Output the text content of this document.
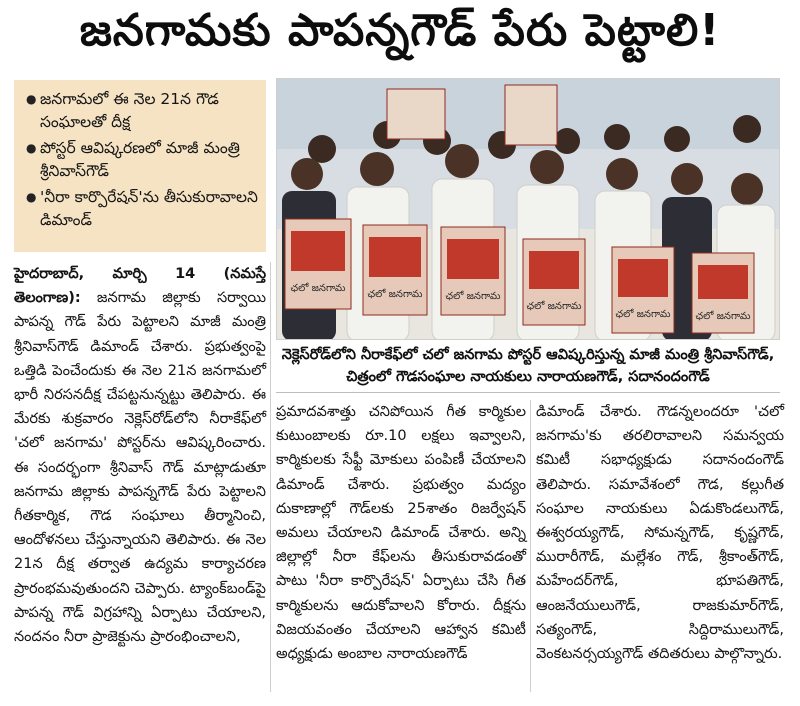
జనగామకు పాపన్నగౌడ్ పేరు పెట్టాలి!
● జనగామలో ఈ నెల 21న గౌడ సంఘాలతో దీక్ష
● పోస్టర్ ఆవిష్కరణలో మాజీ మంత్రి శ్రీనివాస్‌గౌడ్
● 'నీరా కార్పొరేషన్'ను తీసుకురావాలని డిమాండ్
ఛలో జనగామ
ఛలో జనగామ ఛలో జనగామ
ఛలో జనగామ
ఛలో జనగామ	ఛలో జనగామ
నెక్లెస్‌రోడ్‌లోని నీరాకేఫ్‌లో చలో జనగామ పోస్టర్ ఆవిష్కరిస్తున్న మాజీ మంత్రి శ్రీనివాస్‌గౌడ్, చిత్రంలో గౌడసంఘాల నాయకులు నారాయణగౌడ్, సదానందంగౌడ్
హైదరాబాద్, మార్చి 14 (నమస్తే తెలంగాణ): జనగామ జిల్లాకు సర్వాయి పాపన్న గౌడ్ పేరు పెట్టాలని మాజీ మంత్రి శ్రీనివాస్‌గౌడ్ డిమాండ్ చేశారు. ప్రభుత్వంపై ఒత్తిడి పెంచేందుకు ఈ నెల 21న జనగామలో భారీ నిరసనదీక్ష చేపట్టనున్నట్టు తెలిపారు. ఈ మేరకు శుక్రవారం నెక్లెస్‌రోడ్‌లోని నీరాకేఫ్‌లో 'చలో జనగామ' పోస్టర్‌ను ఆవిష్కరించారు. ఈ సందర్భంగా శ్రీనివాస్ గౌడ్ మాట్లాడుతూ జనగామ జిల్లాకు పాపన్నగౌడ్ పేరు పెట్టాలని గీతకార్మిక, గౌడ సంఘాలు తీర్మానించి, ఆందోళనలు చేస్తున్నాయని తెలిపారు. ఈ నెల 21న దీక్ష తర్వాత ఉద్యమ కార్యాచరణ ప్రారంభమవుతుందని చెప్పారు. ట్యాంక్‌బండ్‌పై పాపన్న గౌడ్ విగ్రహాన్ని ఏర్పాటు చేయాలని, నందనం నీరా ప్రాజెక్టును ప్రారంభించాలని,
ప్రమాదవశాత్తు చనిపోయిన గీత కార్మికుల కుటుంబాలకు రూ.10 లక్షలు ఇవ్వాలని, కార్మికులకు సేఫ్టీ మోకులు పంపిణీ చేయాలని డిమాండ్ చేశారు. ప్రభుత్వం మద్యం దుకాణాల్లో గౌడ్‌లకు 25శాతం రిజర్వేషన్ అమలు చేయాలని డిమాండ్ చేశారు. అన్ని జిల్లాల్లో నీరా కేఫ్‌లను తీసుకురావడంతో పాటు 'నీరా కార్పొరేషన్' ఏర్పాటు చేసి గీత కార్మికులను ఆదుకోవాలని కోరారు. దీక్షను విజయవంతం చేయాలని ఆహ్వాన కమిటీ అధ్యక్షుడు అంబాల నారాయణగౌడ్
డిమాండ్ చేశారు. గౌడన్నలందరూ 'చలో జనగామ'కు తరలిరావాలని సమన్వయ కమిటీ సభాధ్యక్షుడు సదానందంగౌడ్ తెలిపారు. సమావేశంలో గౌడ, కల్లుగీత సంఘాల నాయకులు ఏడుకొండలుగౌడ్, ఈశ్వరయ్యగౌడ్, సోమన్నగౌడ్, కృష్ణగౌడ్, మురారీగౌడ్, మల్లేశం గౌడ్, శ్రీకాంత్‌గౌడ్, మహేందర్‌గౌడ్, భూపతిగౌడ్, ఆంజనేయులుగౌడ్, రాజకుమార్‌గౌడ్, సత్యంగౌడ్, సిద్దిరాములుగౌడ్, వెంకటనర్సయ్యగౌడ్ తదితరులు పాల్గొన్నారు.
